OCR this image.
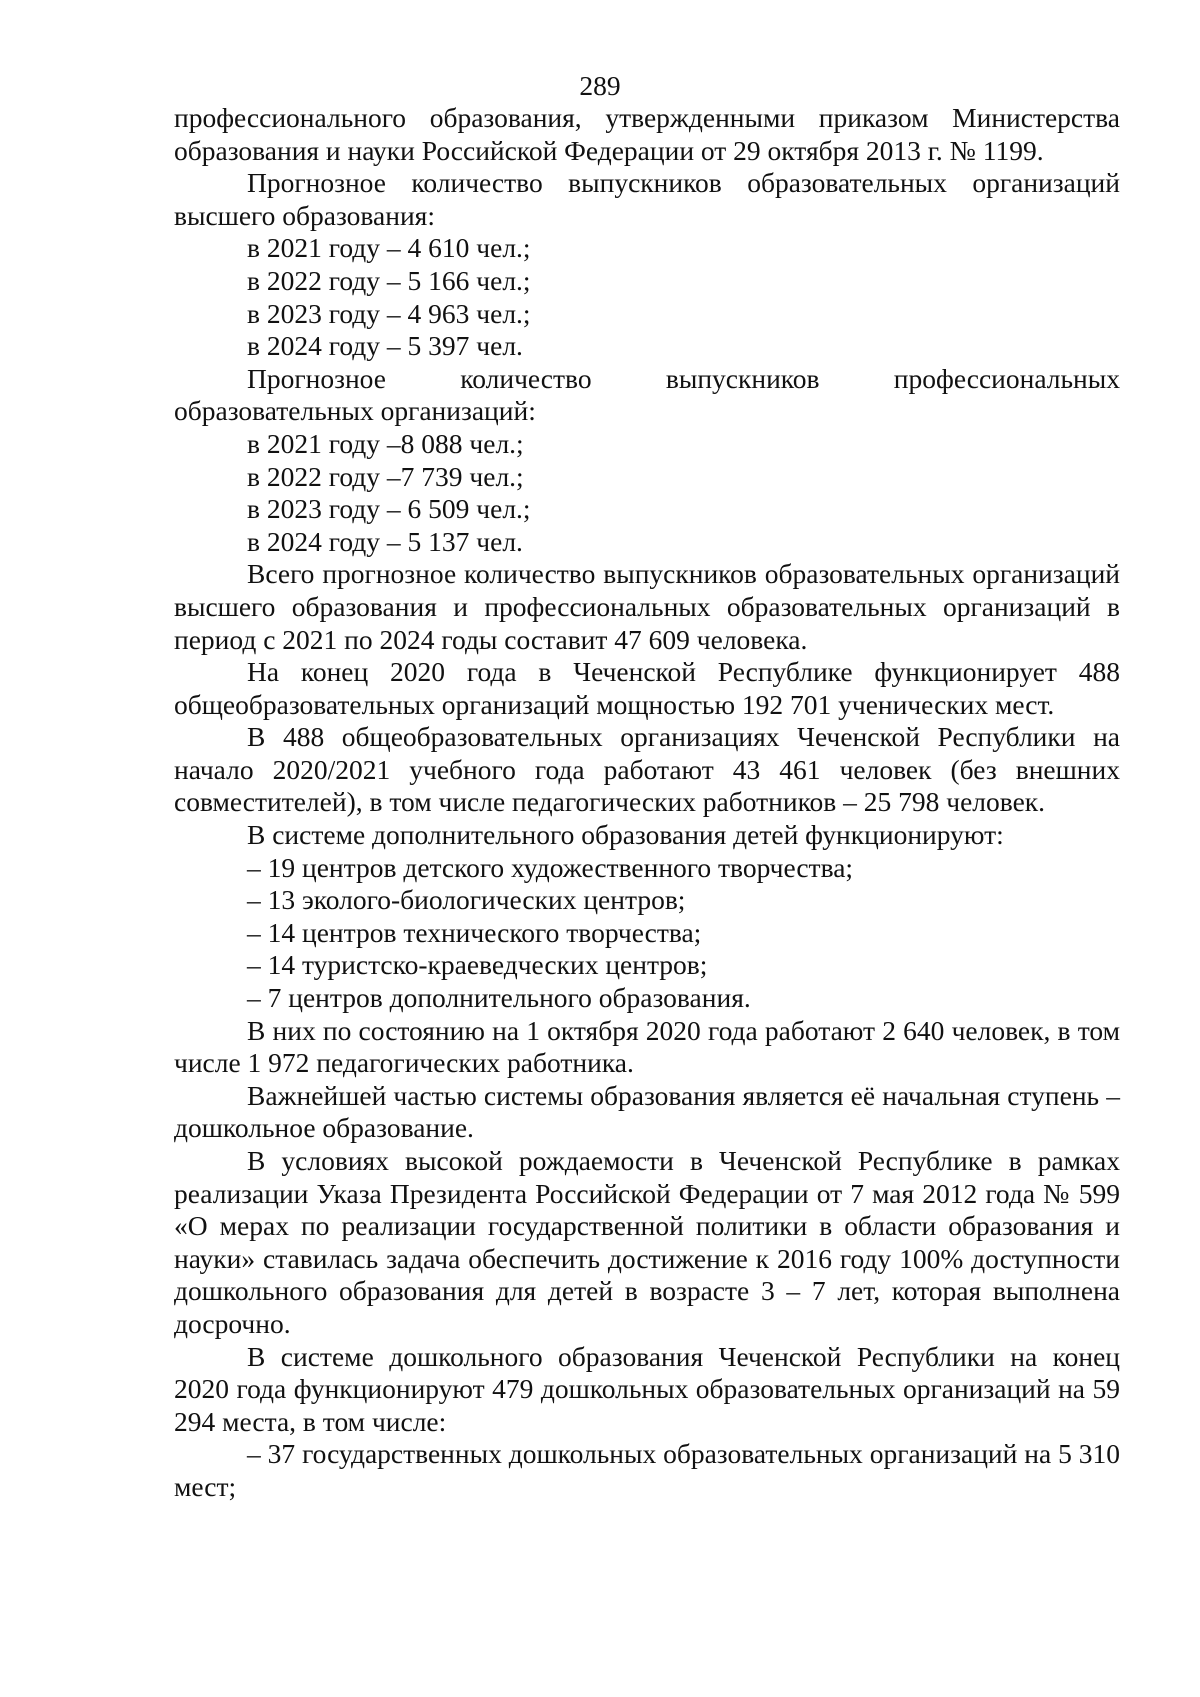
289

профессионального образования, утвержденными приказом Министерства образования и науки Российской Федерации от 29 октября 2013 г. № 1199.

Прогнозное количество выпускников образовательных организаций высшего образования:

в 2021 году – 4 610 чел.;

в 2022 году – 5 166 чел.;

в 2023 году – 4 963 чел.;

в 2024 году – 5 397 чел.

Прогнозное количество выпускников профессиональных образовательных организаций:

в 2021 году –8 088 чел.;

в 2022 году –7 739 чел.;

в 2023 году – 6 509 чел.;

в 2024 году – 5 137 чел.

Всего прогнозное количество выпускников образовательных организаций высшего образования и профессиональных образовательных организаций в период с 2021 по 2024 годы составит 47 609 человека.

На конец 2020 года в Чеченской Республике функционирует 488 общеобразовательных организаций мощностью 192 701 ученических мест.

В 488 общеобразовательных организациях Чеченской Республики на начало 2020/2021 учебного года работают 43 461 человек (без внешних совместителей), в том числе педагогических работников – 25 798 человек.

В системе дополнительного образования детей функционируют:

– 19 центров детского художественного творчества;

– 13 эколого-биологических центров;

– 14 центров технического творчества;

– 14 туристско-краеведческих центров;

– 7 центров дополнительного образования.

В них по состоянию на 1 октября 2020 года работают 2 640 человек, в том числе 1 972 педагогических работника.

Важнейшей частью системы образования является её начальная ступень – дошкольное образование.

В условиях высокой рождаемости в Чеченской Республике в рамках реализации Указа Президента Российской Федерации от 7 мая 2012 года № 599 «О мерах по реализации государственной политики в области образования и науки» ставилась задача обеспечить достижение к 2016 году 100% доступности дошкольного образования для детей в возрасте 3 – 7 лет, которая выполнена досрочно.

В системе дошкольного образования Чеченской Республики на конец 2020 года функционируют 479 дошкольных образовательных организаций на 59 294 места, в том числе:

– 37 государственных дошкольных образовательных организаций на 5 310 мест;
